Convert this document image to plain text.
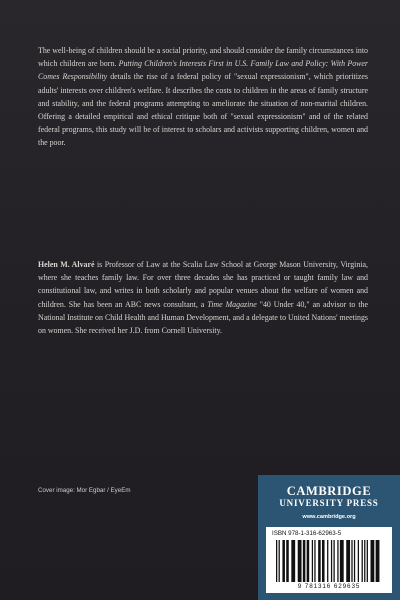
The well-being of children should be a social priority, and should consider the family circumstances into which children are born. Putting Children's Interests First in U.S. Family Law and Policy: With Power Comes Responsibility details the rise of a federal policy of "sexual expressionism", which prioritizes adults' interests over children's welfare. It describes the costs to children in the areas of family structure and stability, and the federal programs attempting to ameliorate the situation of non-marital children. Offering a detailed empirical and ethical critique both of "sexual expressionism" and of the related federal programs, this study will be of interest to scholars and activists supporting children, women and the poor.

Helen M. Alvaré is Professor of Law at the Scalia Law School at George Mason University, Virginia, where she teaches family law. For over three decades she has practiced or taught family law and constitutional law, and writes in both scholarly and popular venues about the welfare of women and children. She has been an ABC news consultant, a Time Magazine "40 Under 40," an advisor to the National Institute on Child Health and Human Development, and a delegate to United Nations' meetings on women. She received her J.D. from Cornell University.

Cover image: Mor Egbar / EyeEm	CAMBRIDGE
UNIVERSITY PRESS
www.cambridge.org
ISBN 978-1-316-62963-5
9 781316 629635
